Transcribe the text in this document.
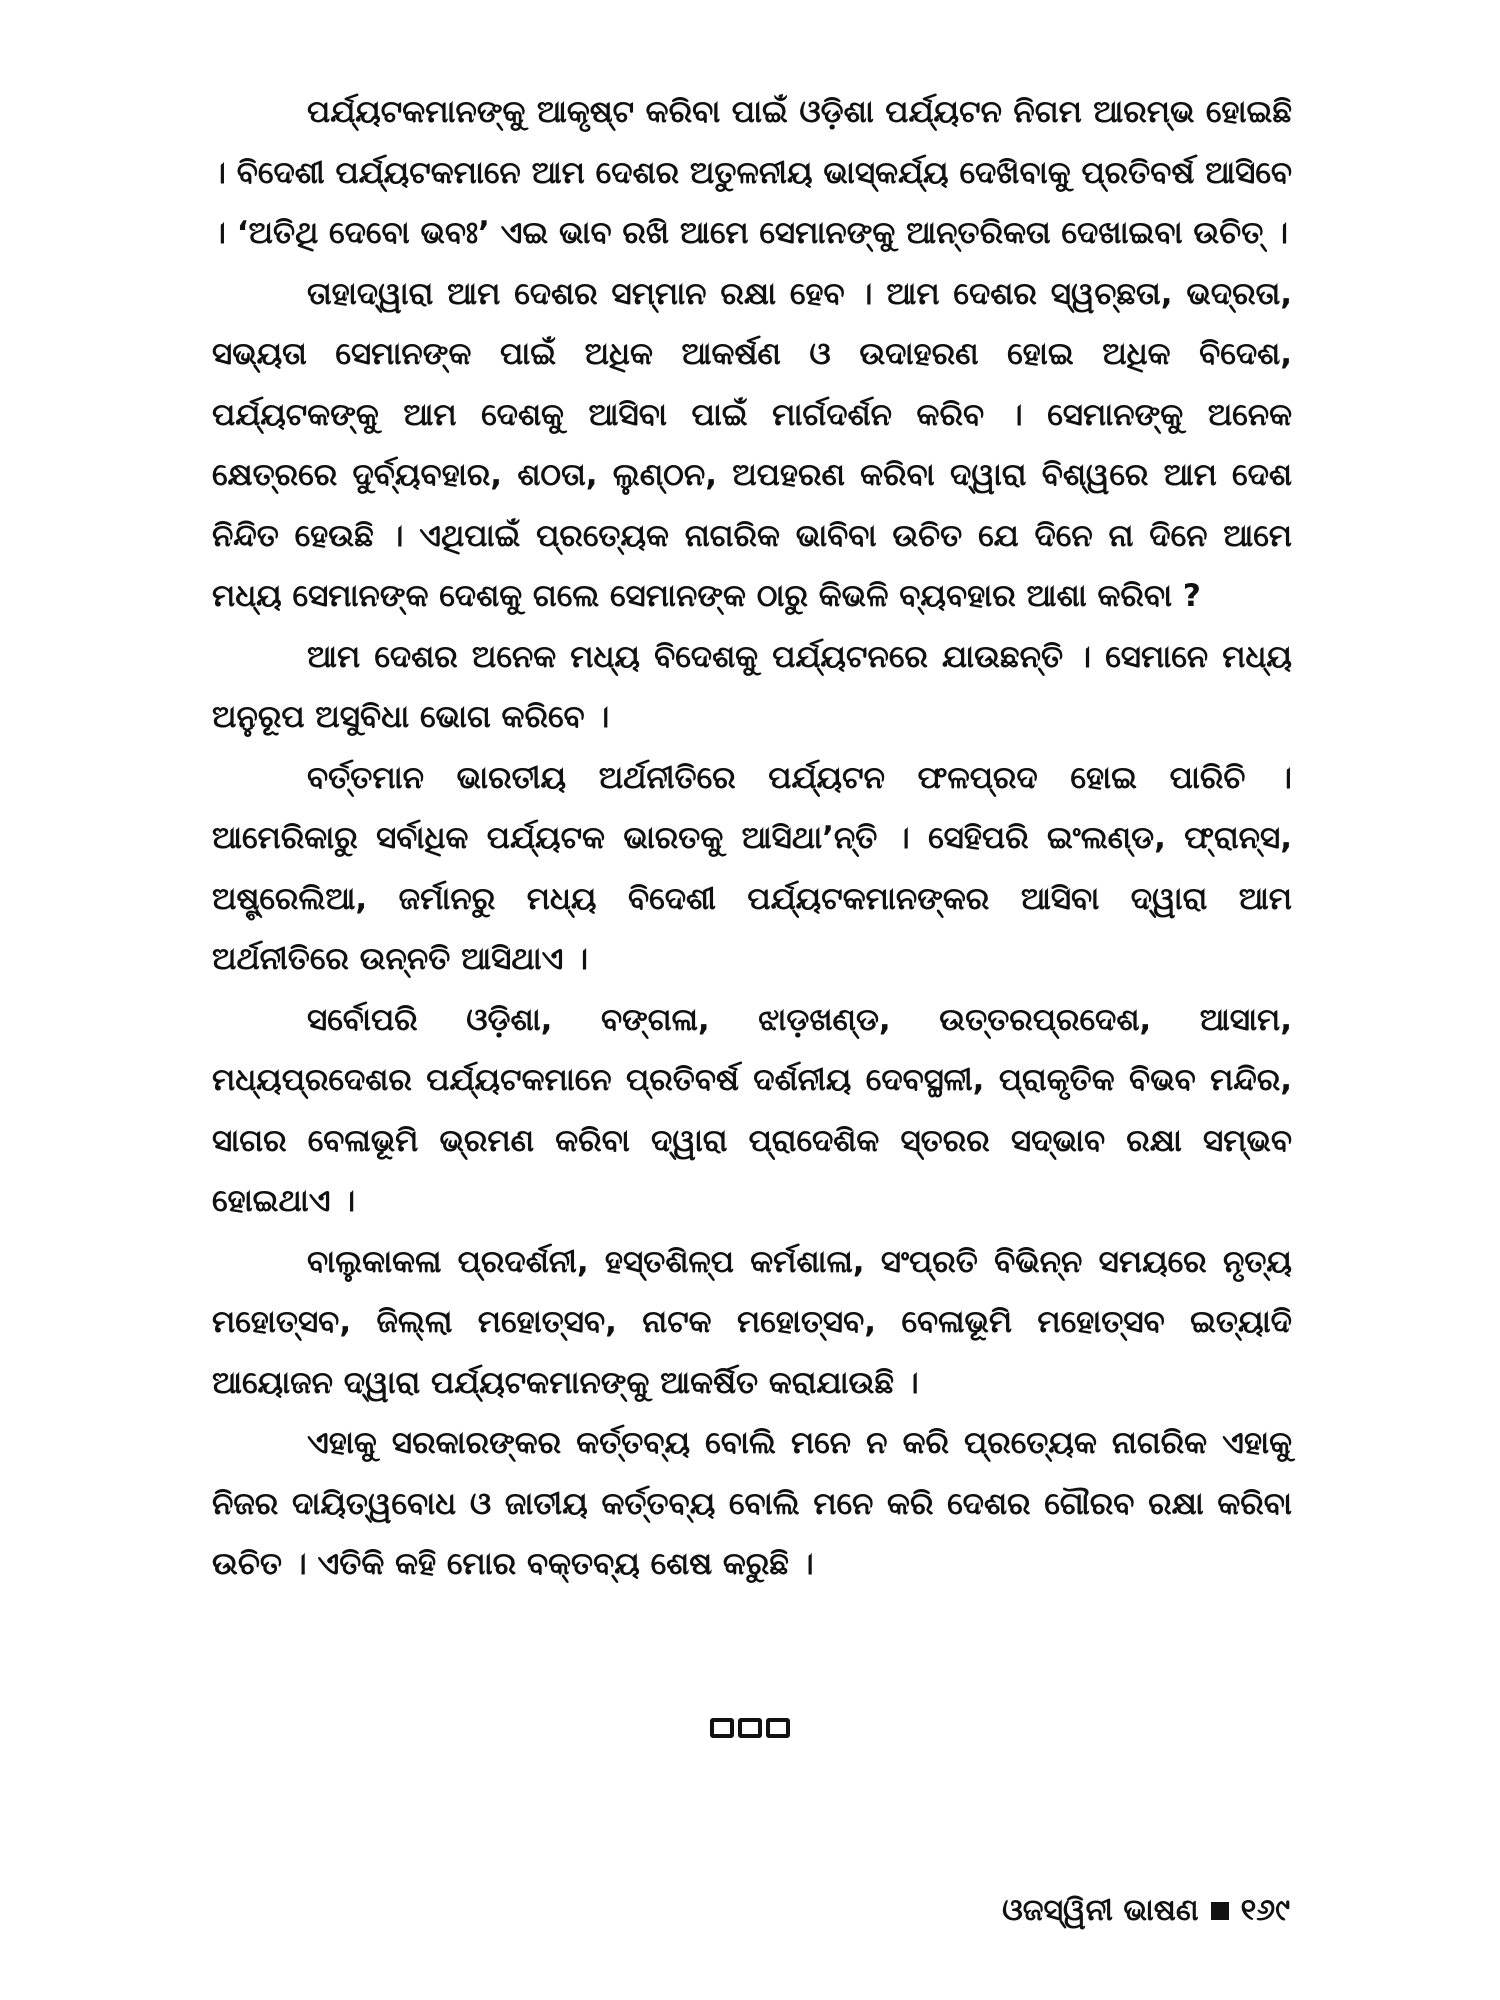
ପର୍ଯ୍ୟଟକମାନଙ୍କୁ ଆକୃଷ୍ଟ କରିବା ପାଇଁ ଓଡ଼ିଶା ପର୍ଯ୍ୟଟନ ନିଗମ ଆରମ୍ଭ ହୋଇଛି । ବିଦେଶୀ ପର୍ଯ୍ୟଟକମାନେ ଆମ ଦେଶର ଅତୁଳନୀୟ ଭାସ୍କର୍ଯ୍ୟ ଦେଖିବାକୁ ପ୍ରତିବର୍ଷ ଆସିବେ । ‘ଅତିଥି ଦେବୋ ଭବଃ’ ଏଇ ଭାବ ରଖି ଆମେ ସେମାନଙ୍କୁ ଆନ୍ତରିକତା ଦେଖାଇବା ଉଚିତ୍ ।

ତାହାଦ୍ୱାରା ଆମ ଦେଶର ସମ୍ମାନ ରକ୍ଷା ହେବ । ଆମ ଦେଶର ସ୍ୱଚ୍ଛତା, ଭଦ୍ରତା, ସଭ୍ୟତା ସେମାନଙ୍କ ପାଇଁ ଅଧିକ ଆକର୍ଷଣ ଓ ଉଦାହରଣ ହୋଇ ଅଧିକ ବିଦେଶ, ପର୍ଯ୍ୟଟକଙ୍କୁ ଆମ ଦେଶକୁ ଆସିବା ପାଇଁ ମାର୍ଗଦର୍ଶନ କରିବ । ସେମାନଙ୍କୁ ଅନେକ କ୍ଷେତ୍ରରେ ଦୁର୍ବ୍ୟବହାର, ଶଠତା, ଲୁଣ୍ଠନ, ଅପହରଣ କରିବା ଦ୍ୱାରା ବିଶ୍ୱରେ ଆମ ଦେଶ ନିନ୍ଦିତ ହେଉଛି । ଏଥିପାଇଁ ପ୍ରତ୍ୟେକ ନାଗରିକ ଭାବିବା ଉଚିତ ଯେ ଦିନେ ନା ଦିନେ ଆମେ ମଧ୍ୟ ସେମାନଙ୍କ ଦେଶକୁ ଗଲେ ସେମାନଙ୍କ ଠାରୁ କିଭଳି ବ୍ୟବହାର ଆଶା କରିବା ?

ଆମ ଦେଶର ଅନେକ ମଧ୍ୟ ବିଦେଶକୁ ପର୍ଯ୍ୟଟନରେ ଯାଉଛନ୍ତି । ସେମାନେ ମଧ୍ୟ ଅନୁରୂପ ଅସୁବିଧା ଭୋଗ କରିବେ ।

ବର୍ତ୍ତମାନ ଭାରତୀୟ ଅର୍ଥନୀତିରେ ପର୍ଯ୍ୟଟନ ଫଳପ୍ରଦ ହୋଇ ପାରିଚି । ଆମେରିକାରୁ ସର୍ବାଧିକ ପର୍ଯ୍ୟଟକ ଭାରତକୁ ଆସିଥା’ନ୍ତି । ସେହିପରି ଇଂଲଣ୍ଡ, ଫ୍ରାନ୍ସ, ଅଷ୍ଟ୍ରେଲିଆ, ଜର୍ମାନରୁ ମଧ୍ୟ ବିଦେଶୀ ପର୍ଯ୍ୟଟକମାନଙ୍କର ଆସିବା ଦ୍ୱାରା ଆମ ଅର୍ଥନୀତିରେ ଉନ୍ନତି ଆସିଥାଏ ।

ସର୍ବୋପରି ଓଡ଼ିଶା, ବଙ୍ଗଳା, ଝାଡ଼ଖଣ୍ଡ, ଉତ୍ତରପ୍ରଦେଶ, ଆସାମ, ମଧ୍ୟପ୍ରଦେଶର ପର୍ଯ୍ୟଟକମାନେ ପ୍ରତିବର୍ଷ ଦର୍ଶନୀୟ ଦେବସ୍ଥଳୀ, ପ୍ରାକୃତିକ ବିଭବ ମନ୍ଦିର, ସାଗର ବେଳାଭୂମି ଭ୍ରମଣ କରିବା ଦ୍ୱାରା ପ୍ରାଦେଶିକ ସ୍ତରର ସଦ୍‌ଭାବ ରକ୍ଷା ସମ୍ଭବ ହୋଇଥାଏ ।

ବାଲୁକାକଳା ପ୍ରଦର୍ଶନୀ, ହସ୍ତଶିଳ୍ପ କର୍ମଶାଳା, ସଂପ୍ରତି ବିଭିନ୍ନ ସମୟରେ ନୃତ୍ୟ ମହୋତ୍ସବ, ଜିଲ୍ଲା ମହୋତ୍ସବ, ନାଟକ ମହୋତ୍ସବ, ବେଳାଭୂମି ମହୋତ୍ସବ ଇତ୍ୟାଦି ଆୟୋଜନ ଦ୍ୱାରା ପର୍ଯ୍ୟଟକମାନଙ୍କୁ ଆକର୍ଷିତ କରାଯାଉଛି ।

ଏହାକୁ ସରକାରଙ୍କର କର୍ତ୍ତବ୍ୟ ବୋଲି ମନେ ନ କରି ପ୍ରତ୍ୟେକ ନାଗରିକ ଏହାକୁ ନିଜର ଦାୟିତ୍ୱବୋଧ ଓ ଜାତୀୟ କର୍ତ୍ତବ୍ୟ ବୋଲି ମନେ କରି ଦେଶର ଗୌରବ ରକ୍ଷା କରିବା ଉଚିତ । ଏତିକି କହି ମୋର ବକ୍ତବ୍ୟ ଶେଷ କରୁଛି ।

ଓଜସ୍ୱିନୀ ଭାଷଣ ୧୬୯
